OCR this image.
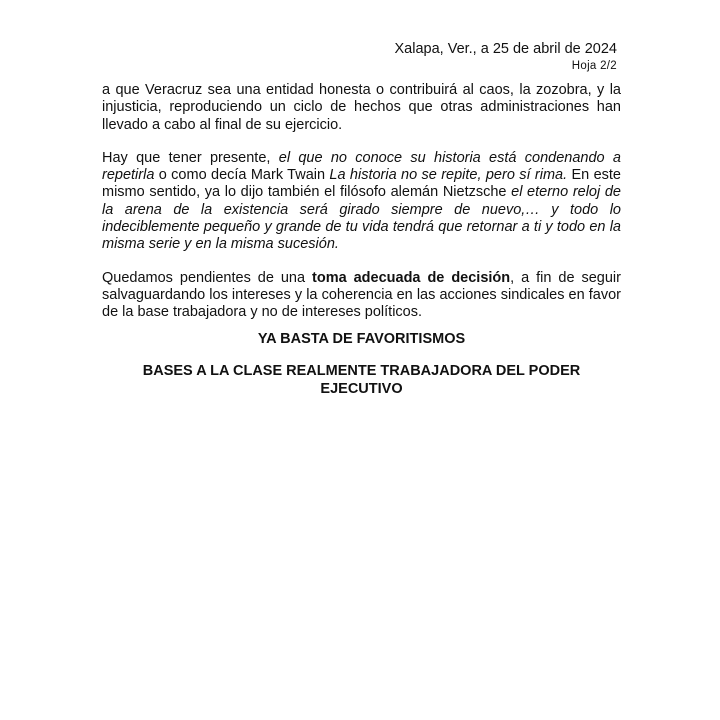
Xalapa, Ver., a 25 de abril de 2024
Hoja 2/2

a que Veracruz sea una entidad honesta o contribuirá al caos, la zozobra, y la injusticia, reproduciendo un ciclo de hechos que otras administraciones han llevado a cabo al final de su ejercicio.

Hay que tener presente, el que no conoce su historia está condenando a repetirla o como decía Mark Twain La historia no se repite, pero sí rima. En este mismo sentido, ya lo dijo también el filósofo alemán Nietzsche el eterno reloj de la arena de la existencia será girado siempre de nuevo,… y todo lo indeciblemente pequeño y grande de tu vida tendrá que retornar a ti y todo en la misma serie y en la misma sucesión.

Quedamos pendientes de una toma adecuada de decisión, a fin de seguir salvaguardando los intereses y la coherencia en las acciones sindicales en favor de la base trabajadora y no de intereses políticos.

YA BASTA DE FAVORITISMOS
BASES A LA CLASE REALMENTE TRABAJADORA DEL PODER EJECUTIVO
